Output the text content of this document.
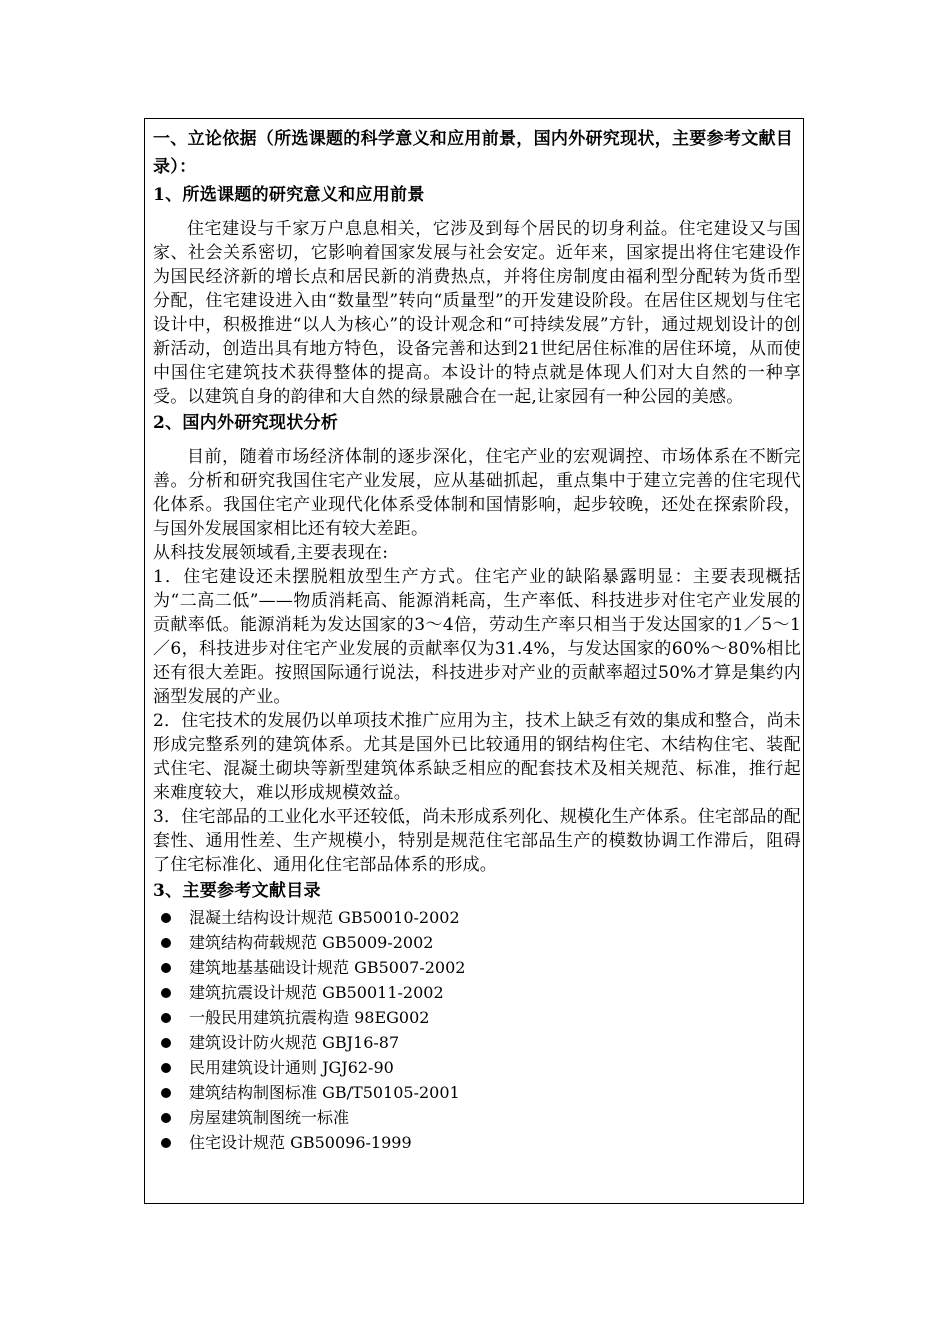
一、立论依据（所选课题的科学意义和应用前景，国内外研究现状，主要参考文献目录）：
1、所选课题的研究意义和应用前景

住宅建设与千家万户息息相关，它涉及到每个居民的切身利益。住宅建设又与国家、社会关系密切，它影响着国家发展与社会安定。近年来，国家提出将住宅建设作为国民经济新的增长点和居民新的消费热点，并将住房制度由福利型分配转为货币型分配，住宅建设进入由“数量型”转向“质量型”的开发建设阶段。在居住区规划与住宅设计中，积极推进“以人为核心”的设计观念和“可持续发展”方针，通过规划设计的创新活动，创造出具有地方特色，设备完善和达到21世纪居住标准的居住环境，从而使中国住宅建筑技术获得整体的提高。本设计的特点就是体现人们对大自然的一种享受。以建筑自身的韵律和大自然的绿景融合在一起,让家园有一种公园的美感。

2、国内外研究现状分析

目前，随着市场经济体制的逐步深化，住宅产业的宏观调控、市场体系在不断完善。分析和研究我国住宅产业发展，应从基础抓起，重点集中于建立完善的住宅现代化体系。我国住宅产业现代化体系受体制和国情影响，起步较晚，还处在探索阶段，与国外发展国家相比还有较大差距。

从科技发展领域看,主要表现在:

1．住宅建设还未摆脱粗放型生产方式。住宅产业的缺陷暴露明显：主要表现概括为“二高二低”——物质消耗高、能源消耗高，生产率低、科技进步对住宅产业发展的贡献率低。能源消耗为发达国家的3～4倍，劳动生产率只相当于发达国家的1／5～1／6，科技进步对住宅产业发展的贡献率仅为31.4%，与发达国家的60%～80%相比还有很大差距。按照国际通行说法，科技进步对产业的贡献率超过50%才算是集约内涵型发展的产业。

2．住宅技术的发展仍以单项技术推广应用为主，技术上缺乏有效的集成和整合，尚未形成完整系列的建筑体系。尤其是国外已比较通用的钢结构住宅、木结构住宅、装配式住宅、混凝土砌块等新型建筑体系缺乏相应的配套技术及相关规范、标准，推行起来难度较大，难以形成规模效益。

3．住宅部品的工业化水平还较低，尚未形成系列化、规模化生产体系。住宅部品的配套性、通用性差、生产规模小，特别是规范住宅部品生产的模数协调工作滞后，阻碍了住宅标准化、通用化住宅部品体系的形成。

3、主要参考文献目录
混凝土结构设计规范 GB50010-2002
建筑结构荷载规范 GB5009-2002
建筑地基基础设计规范 GB5007-2002
建筑抗震设计规范 GB50011-2002
一般民用建筑抗震构造 98EG002
建筑设计防火规范 GBJ16-87
民用建筑设计通则 JGJ62-90
建筑结构制图标准 GB/T50105-2001
房屋建筑制图统一标准
住宅设计规范 GB50096-1999
